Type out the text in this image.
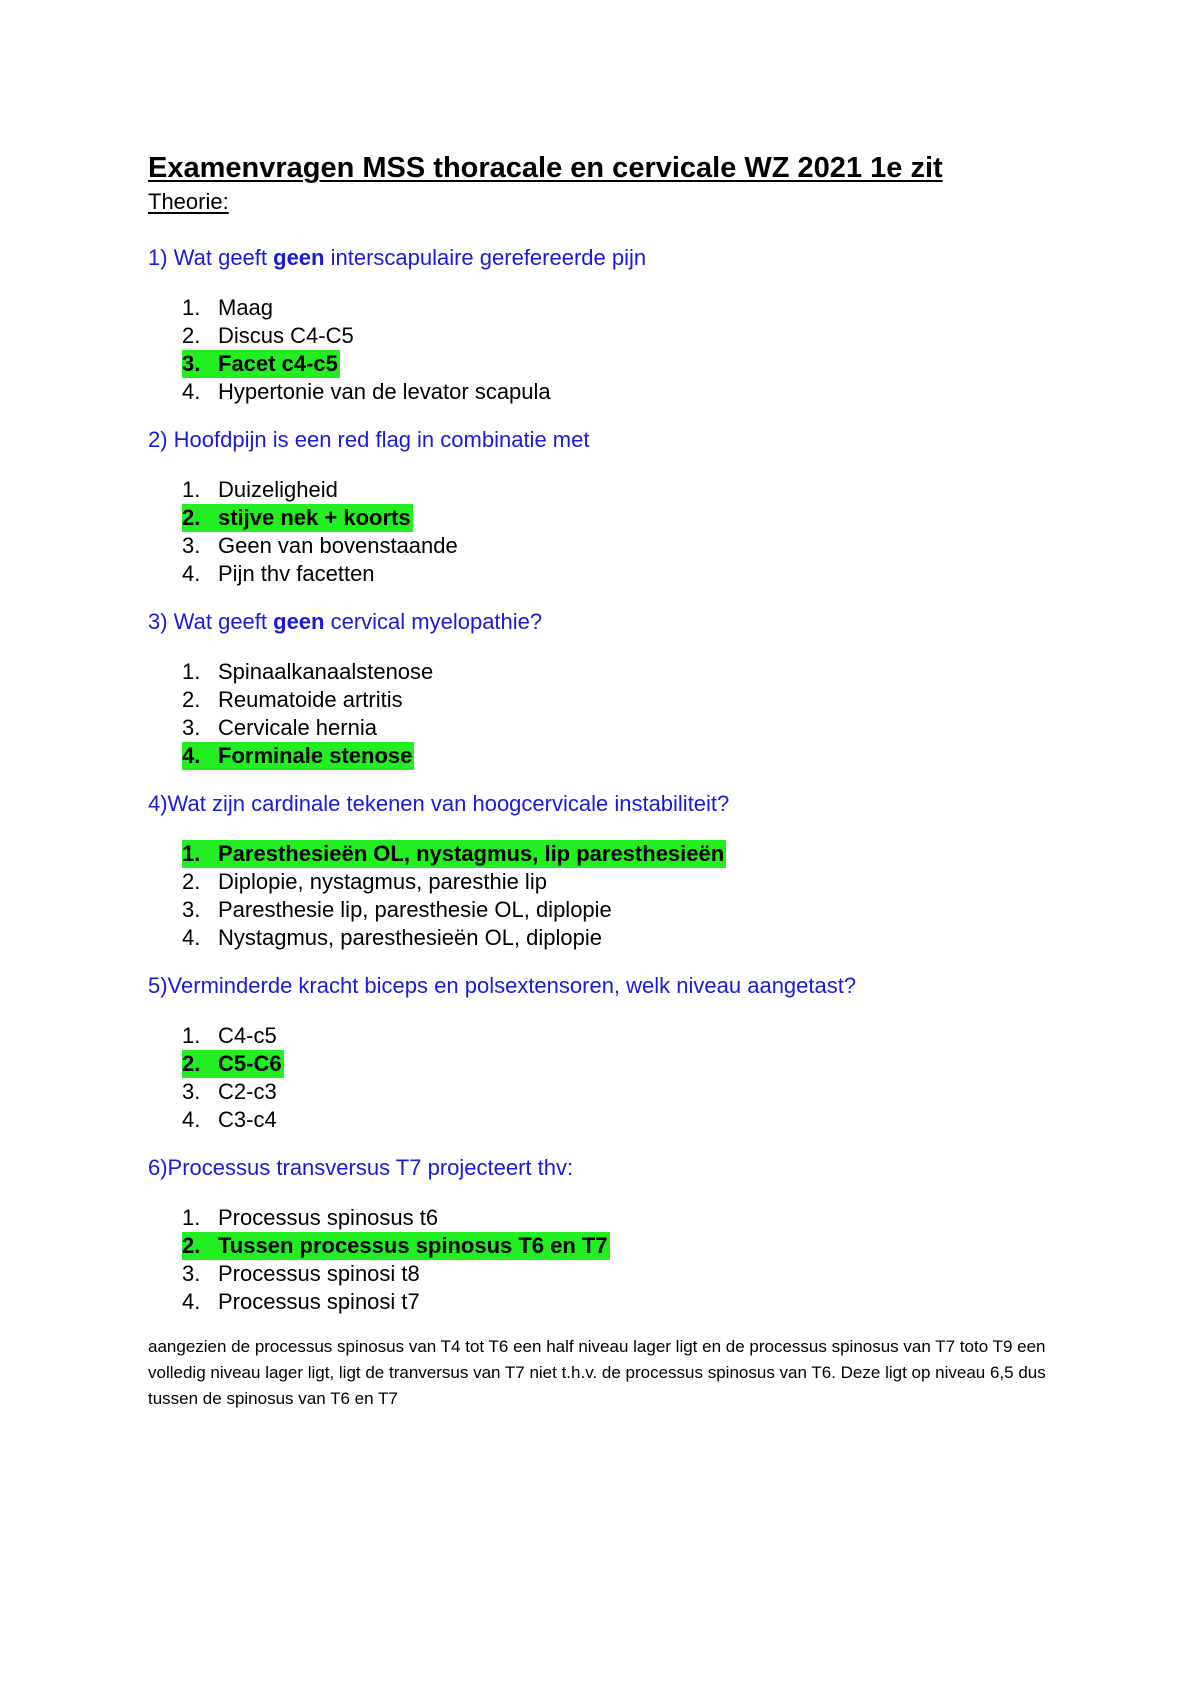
Examenvragen MSS thoracale en cervicale WZ 2021 1e zit

Theorie:

1) Wat geeft geen interscapulaire gerefereerde pijn

1. Maag
2. Discus C4-C5
3. Facet c4-c5
4. Hypertonie van de levator scapula

2) Hoofdpijn is een red flag in combinatie met

1. Duizeligheid
2. stijve nek + koorts
3. Geen van bovenstaande
4. Pijn thv facetten

3) Wat geeft geen cervical myelopathie?

1. Spinaalkanaalstenose
2. Reumatoide artritis
3. Cervicale hernia
4. Forminale stenose

4)Wat zijn cardinale tekenen van hoogcervicale instabiliteit?

1. Paresthesieën OL, nystagmus, lip paresthesieën
2. Diplopie, nystagmus, paresthie lip
3. Paresthesie lip, paresthesie OL, diplopie
4. Nystagmus, paresthesieën OL, diplopie

5)Verminderde kracht biceps en polsextensoren, welk niveau aangetast?

1. C4-c5
2. C5-C6
3. C2-c3
4. C3-c4

6)Processus transversus T7 projecteert thv:

1. Processus spinosus t6
2. Tussen processus spinosus T6 en T7
3. Processus spinosi t8
4. Processus spinosi t7

aangezien de processus spinosus van T4 tot T6 een half niveau lager ligt en de processus spinosus van T7 toto T9 een volledig niveau lager ligt, ligt de tranversus van T7 niet t.h.v. de processus spinosus van T6. Deze ligt op niveau 6,5 dus tussen de spinosus van T6 en T7
